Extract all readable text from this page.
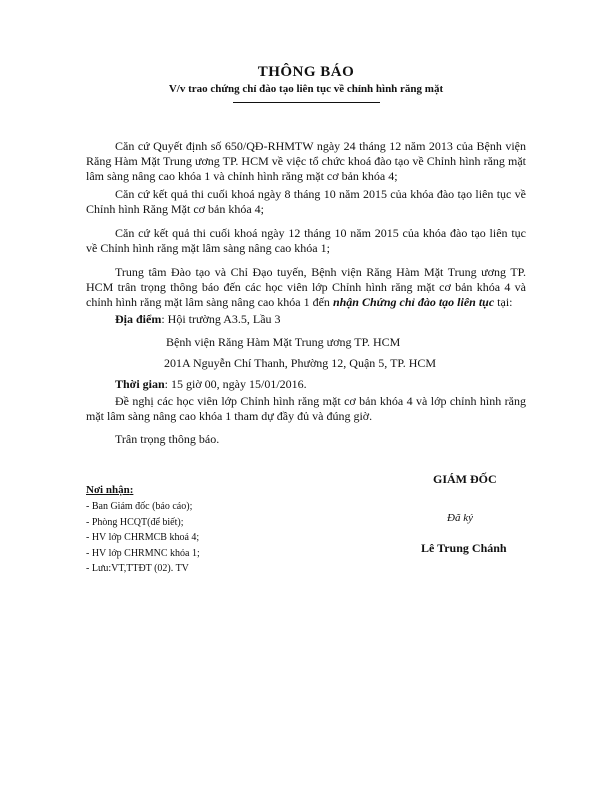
THÔNG BÁO
V/v trao chứng chỉ đào tạo liên tục về chỉnh hình răng mặt
Căn cứ Quyết định số 650/QĐ-RHMTW ngày 24 tháng 12 năm 2013 của Bệnh viện Răng Hàm Mặt Trung ương TP. HCM về việc tổ chức khoá đào tạo về Chỉnh hình răng mặt lâm sàng nâng cao khóa 1 và chỉnh hình răng mặt cơ bản khóa 4;
Căn cứ kết quả thi cuối khoá ngày 8 tháng 10 năm 2015 của khóa đào tạo liên tục về Chỉnh hình Răng Mặt cơ bản khóa 4;
Căn cứ kết quả thi cuối khoá ngày 12 tháng 10 năm 2015 của khóa đào tạo liên tục về Chỉnh hình răng mặt lâm sàng nâng cao khóa 1;
Trung tâm Đào tạo và Chỉ Đạo tuyến, Bệnh viện Răng Hàm Mặt Trung ương TP. HCM trân trọng thông báo đến các học viên lớp Chỉnh hình răng mặt cơ bản khóa 4 và chỉnh hình răng mặt lâm sàng nâng cao khóa 1 đến nhận Chứng chỉ đào tạo liên tục tại:
Địa điểm: Hội trường A3.5, Lầu 3
Bệnh viện Răng Hàm Mặt Trung ương TP. HCM
201A Nguyễn Chí Thanh, Phường 12, Quận 5, TP. HCM
Thời gian: 15 giờ 00, ngày 15/01/2016.
Đề nghị các học viên lớp Chỉnh hình răng mặt cơ bản khóa 4 và lớp chỉnh hình răng mặt lâm sàng nâng cao khóa 1 tham dự đầy đủ và đúng giờ.
Trân trọng thông báo.
GIÁM ĐỐC
Đã ký
Lê Trung Chánh
Nơi nhận:
- Ban Giám đốc (báo cáo);
- Phòng HCQT(để biết);
- HV lớp CHRMCB khoá 4;
- HV lớp CHRMNC khóa 1;
- Lưu:VT,TTĐT (02). TV
